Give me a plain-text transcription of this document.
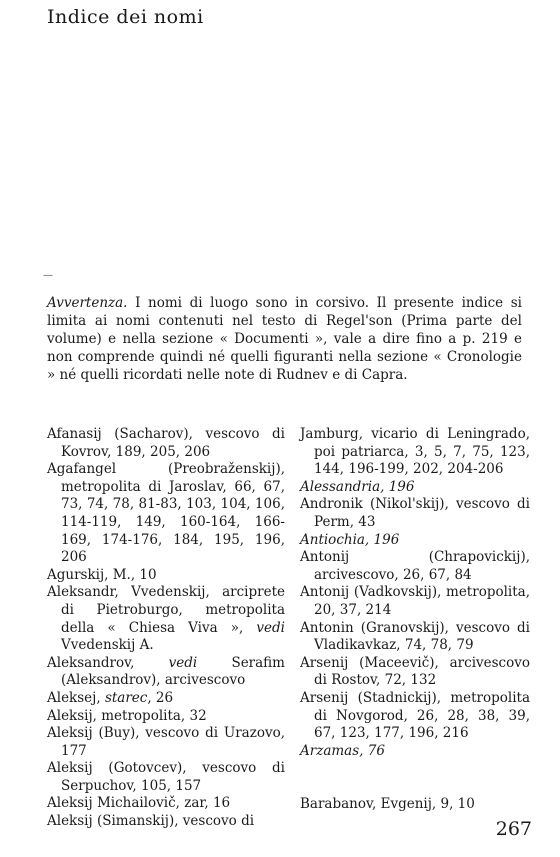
Indice dei nomi
—
Avvertenza. I nomi di luogo sono in corsivo. Il presente indice si limita ai nomi contenuti nel testo di Regel'son (Prima parte del volume) e nella sezione « Documenti », vale a dire fino a p. 219 e non comprende quindi né quelli figuranti nella sezione « Cronologie » né quelli ricordati nelle note di Rudnev e di Capra.

Afanasij (Sacharov), vescovo di Kovrov, 189, 205, 206

Agafangel (Preobraženskij), metropolita di Jaroslav, 66, 67, 73, 74, 78, 81-83, 103, 104, 106, 114-119, 149, 160-164, 166-169, 174-176, 184, 195, 196, 206

Agurskij, M., 10

Aleksandr, Vvedenskij, arciprete di Pietroburgo, metropolita della « Chiesa Viva », vedi Vvedenskij A.

Aleksandrov, vedi Serafim (Aleksandrov), arcivescovo

Aleksej, starec, 26

Aleksij, metropolita, 32

Aleksij (Buy), vescovo di Urazovo, 177

Aleksij (Gotovcev), vescovo di Serpuchov, 105, 157

Aleksij Michailovič, zar, 16

Aleksij (Simanskij), vescovo di

Jamburg, vicario di Leningrado, poi patriarca, 3, 5, 7, 75, 123, 144, 196-199, 202, 204-206

Alessandria, 196

Andronik (Nikol'skij), vescovo di Perm, 43

Antiochia, 196

Antonij (Chrapovickij), arcivescovo, 26, 67, 84

Antonij (Vadkovskij), metropolita, 20, 37, 214

Antonin (Granovskij), vescovo di Vladikavkaz, 74, 78, 79

Arsenij (Maceevič), arcivescovo di Rostov, 72, 132

Arsenij (Stadnickij), metropolita di Novgorod, 26, 28, 38, 39, 67, 123, 177, 196, 216

Arzamas, 76

Barabanov, Evgenij, 9, 10

267
